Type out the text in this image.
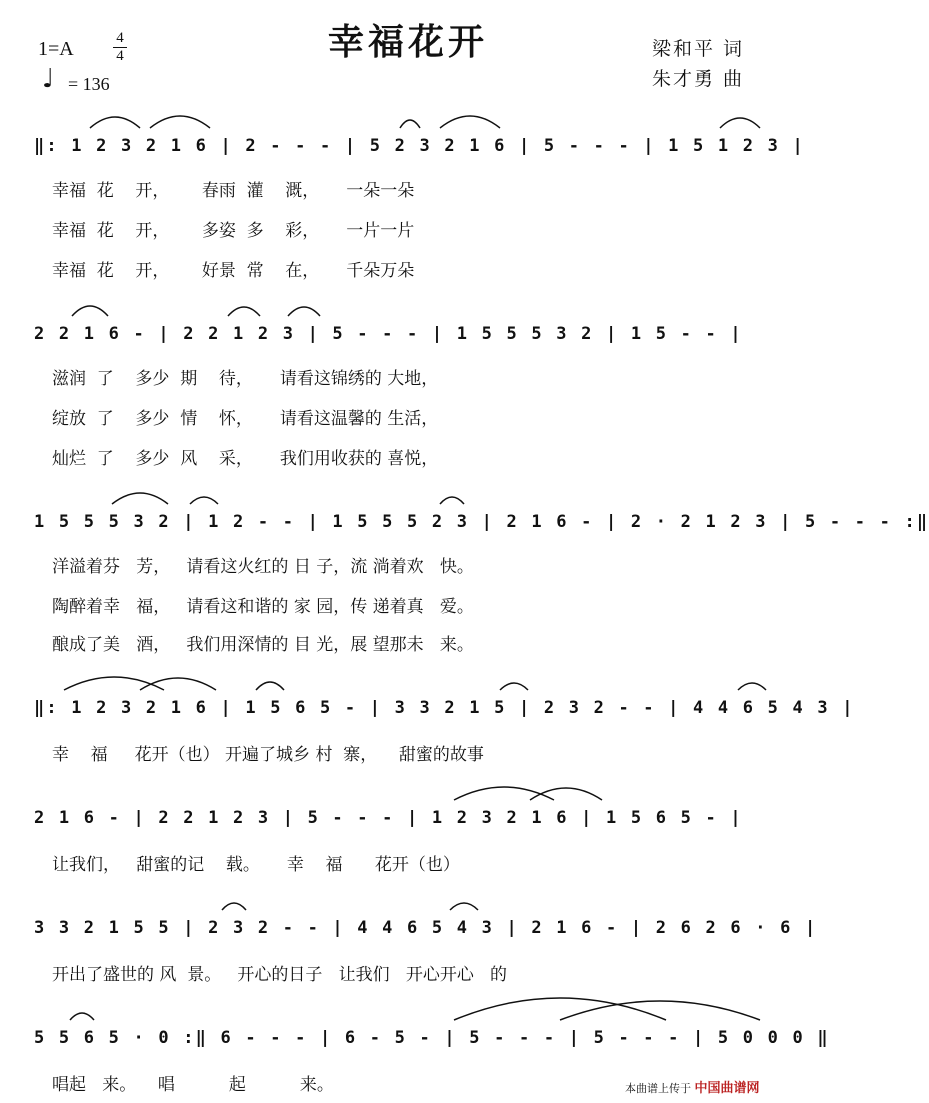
幸福花开
1=A	4
4
♩ = 136
梁和平 词
朱才勇 曲
‖: 1 2 3 2 1 6 | 2 - - - | 5 2 3 2 1 6 | 5 - - - | 1 5 1 2 3 |
幸福  花    开，      春雨  灌    溉，     一朵一朵
幸福  花    开，      多姿  多    彩，     一片一片
幸福  花    开，      好景  常    在，     千朵万朵
2 2 1 6 - | 2 2 1 2 3 | 5 - - - | 1 5 5 5 3 2 | 1 5 - - |
滋润  了    多少  期    待，     请看这锦绣的 大地，
绽放  了    多少  情    怀，     请看这温馨的 生活，
灿烂  了    多少  风    采，     我们用收获的 喜悦，
1 5 5 5 3 2 | 1 2 - - | 1 5 5 5 2 3 | 2 1 6 - | 2 · 2 1 2 3 | 5 - - - :‖
洋溢着芬   芳，   请看这火红的 日 子，流 淌着欢   快。
陶醉着幸   福，   请看这和谐的 家 园，传 递着真   爱。
酿成了美   酒，   我们用深情的 目 光，展 望那未   来。
‖: 1 2 3 2 1 6 | 1 5 6 5 - | 3 3 2 1 5 | 2 3 2 - - | 4 4 6 5 4 3 |
幸    福     花开（也） 开遍了城乡 村  寨，    甜蜜的故事
2 1 6 - | 2 2 1 2 3 | 5 - - - | 1 2 3 2 1 6 | 1 5 6 5 - |
让我们，   甜蜜的记    载。     幸    福      花开（也）
3 3 2 1 5 5 | 2 3 2 - - | 4 4 6 5 4 3 | 2 1 6 - | 2 6 2 6 · 6 |
开出了盛世的 风  景。   开心的日子   让我们   开心开心   的
5 5 6 5 · 0 :‖ 6 - - - | 6 - 5 - | 5 - - - | 5 - - - | 5 0 0 0 ‖
唱起   来。    唱          起          来。	本曲谱上传于 中国曲谱网
